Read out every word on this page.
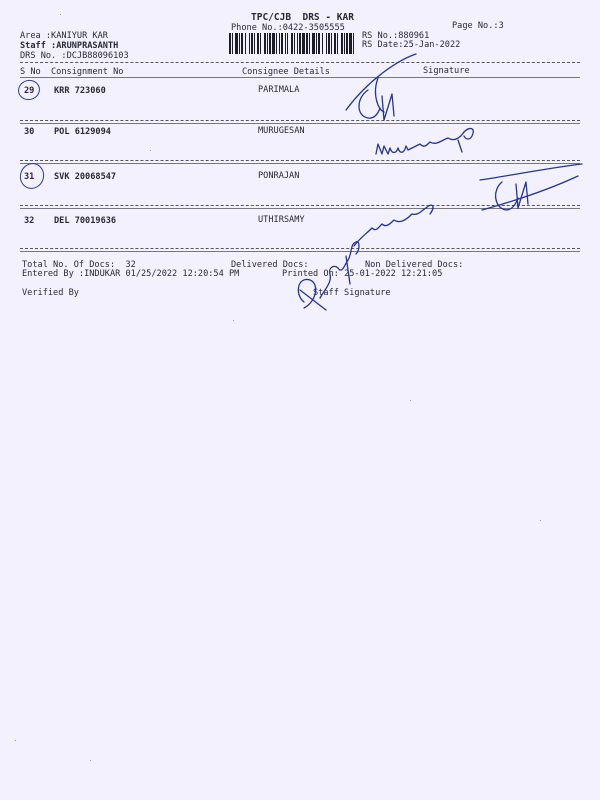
TPC/CJB  DRS - KAR
Phone No.:0422-3505555	Page No.:3
Area :KANIYUR KAR
Staff :ARUNPRASANTH
DRS No. :DCJB88096103
RS No.:880961
RS Date:25-Jan-2022
S No Consignment No	Consignee Details	Signature
29 KRR 723060	PARIMALA
30 POL 6129094	MURUGESAN
31 SVK 20068547	PONRAJAN
32 DEL 70019636	UTHIRSAMY
Total No. Of Docs:  32	Delivered Docs:	Non Delivered Docs:
Entered By :INDUKAR 01/25/2022 12:20:54 PM	Printed On: 25-01-2022 12:21:05
Verified By	Staff Signature
